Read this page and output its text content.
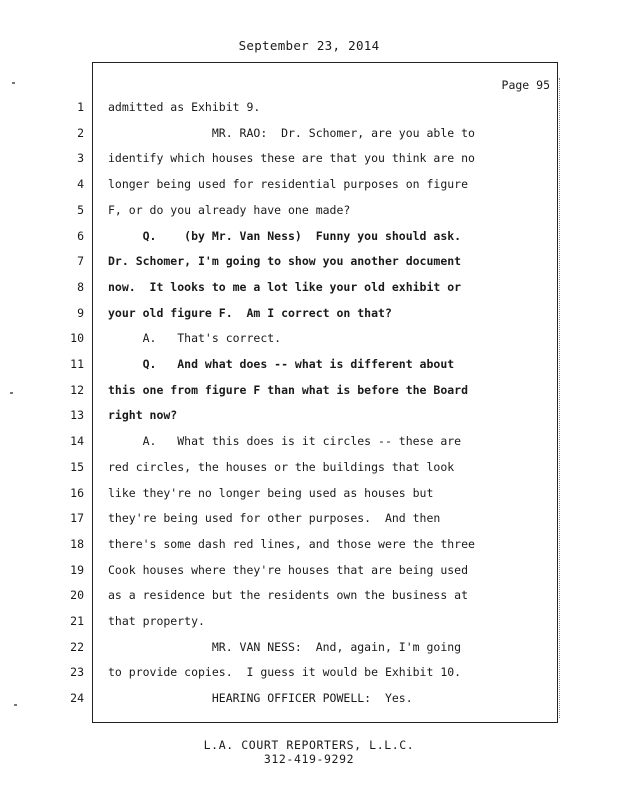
September 23, 2014
Page 95
1 admitted as Exhibit 9.
2 MR. RAO:  Dr. Schomer, are you able to
3 identify which houses these are that you think are no
4 longer being used for residential purposes on figure
5 F, or do you already have one made?
6 Q.    (by Mr. Van Ness)  Funny you should ask.
7 Dr. Schomer, I'm going to show you another document
8 now.  It looks to me a lot like your old exhibit or
9 your old figure F.  Am I correct on that?
10 A.   That's correct.
11 Q.   And what does -- what is different about
12 this one from figure F than what is before the Board
13 right now?
14 A.   What this does is it circles -- these are
15 red circles, the houses or the buildings that look
16 like they're no longer being used as houses but
17 they're being used for other purposes.  And then
18 there's some dash red lines, and those were the three
19 Cook houses where they're houses that are being used
20 as a residence but the residents own the business at
21 that property.
22 MR. VAN NESS:  And, again, I'm going
23 to provide copies.  I guess it would be Exhibit 10.
24 HEARING OFFICER POWELL:  Yes.
L.A. COURT REPORTERS, L.L.C.
312-419-9292
